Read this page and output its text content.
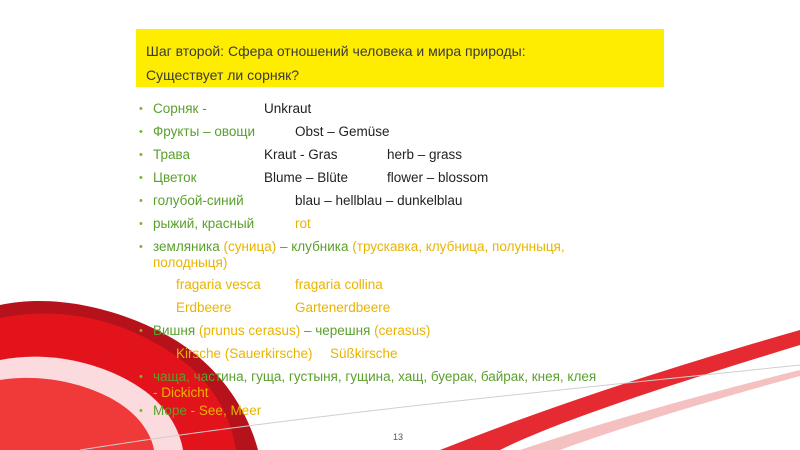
Шаг второй: Сфера отношений человека и мира природы:
Существует ли сорняк?
• Сорняк -	Unkraut
• Фрукты – овощи	Obst – Gemüse
• Трава	Kraut - Gras	herb – grass
• Цветок	Blume – Blüte	flower – blossom
• голубой-синий	blau – hellblau – dunkelblau
• рыжий, красный	rot
• земляника (суница) – клубника (трускавка, клубница, полунныця,
полодныця)
fragaria vesca	fragaria collina
Erdbeere	Gartenerdbeere
• Вишня (prunus cerasus) – черешня (cerasus)
Kirsche (Sauerkirsche) Süßkirsche
• чаща, частина, гуща, густыня, гущина, хащ, буерак, байрак, кнея, клея
- Dickicht
• Море - See, Meer
13
